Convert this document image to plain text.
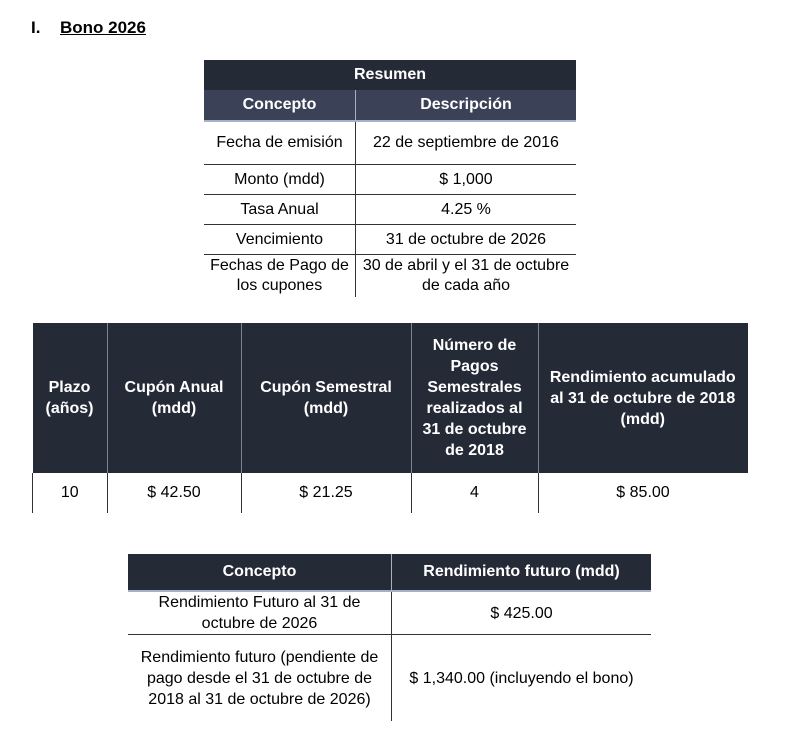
I. Bono 2026
Resumen	
Concepto	Descripción
Fecha de emisión	22 de septiembre de 2016
Monto (mdd)	$ 1,000
Tasa Anual	4.25 %
Vencimiento	31 de octubre de 2026
Fechas de Pago de los cupones	30 de abril y el 31 de octubre de cada año
Plazo (años)	Cupón Anual (mdd)	Cupón Semestral (mdd)	Número de Pagos Semestrales realizados al 31 de octubre de 2018	Rendimiento acumulado al 31 de octubre de 2018 (mdd)
10	$ 42.50	$ 21.25	4	$ 85.00
Concepto	Rendimiento futuro (mdd)
Rendimiento Futuro al 31 de octubre de 2026	$ 425.00
Rendimiento futuro (pendiente de pago desde el 31 de octubre de 2018 al 31 de octubre de 2026)	$ 1,340.00 (incluyendo el bono)
